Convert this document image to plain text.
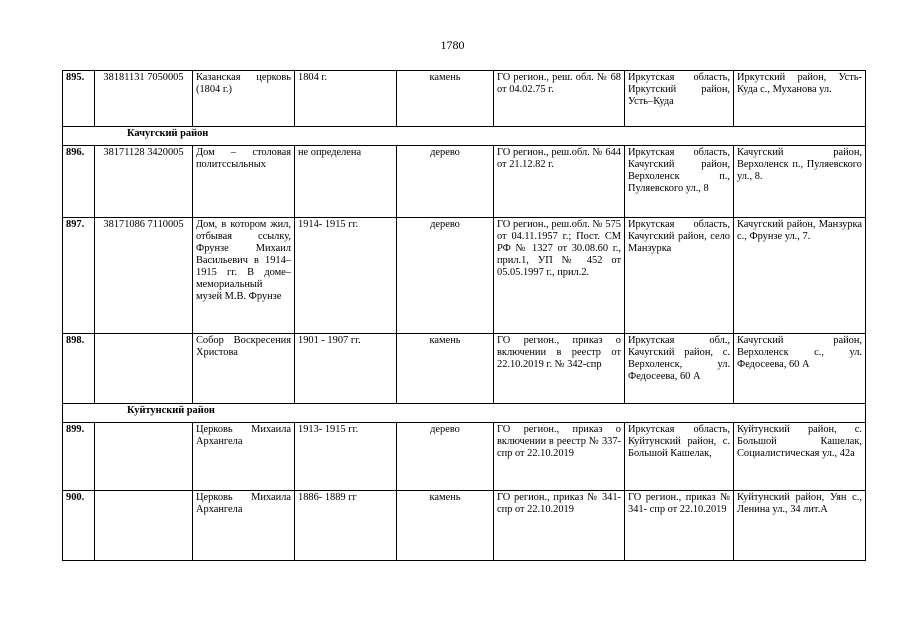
1780
895.	38181131 7050005	Казанская церковь (1804 г.)	1804 г.	камень	ГО регион., реш. обл. № 68 от 04.02.75 г.	Иркутская область, Иркутский район, Усть–Куда	Иркутский район, Усть-Куда с., Муханова ул.
Качугский район							
896.	38171128 3420005	Дом – столовая политссыльных	не определена	дерево	ГО регион., реш.обл. № 644 от 21.12.82 г.	Иркутская область, Качугский район, Верхоленск п., Пуляевского ул., 8	Качугский район, Верхоленск п., Пуляевского ул., 8.
897.	38171086 7110005	Дом, в котором жил, отбывая ссылку, Фрунзе Михаил Васильевич в 1914–1915 гг. В доме– мемориальный музей М.В. Фрунзе	1914- 1915 гг.	дерево	ГО регион., реш.обл. № 575 от 04.11.1957 г.; Пост. СМ РФ № 1327 от 30.08.60 г., прил.1, УП № 452 от 05.05.1997 г., прил.2.	Иркутская область, Качугский район, село Манзурка	Качугский район, Манзурка с., Фрунзе ул., 7.
898.		Собор Воскресения Христова	1901 - 1907 гг.	камень	ГО регион., приказ о включении в реестр от 22.10.2019 г. № 342-спр	Иркутская обл., Качугский район, с. Верхоленск, ул. Федосеева, 60 А	Качугский район, Верхоленск с., ул. Федосеева, 60 А
Куйтунский район							
899.		Церковь Михаила Архангела	1913- 1915 гг.	дерево	ГО регион., приказ о включении в реестр № 337- спр от 22.10.2019	Иркутская область, Куйтунский район, с. Большой Кашелак,	Куйтунский район, с. Большой Кашелак, Социалистическая ул., 42а
900.		Церковь Михаила Архангела	1886- 1889 гг	камень	ГО регион., приказ № 341- спр от 22.10.2019	ГО регион., приказ № 341- спр от 22.10.2019	Куйтунский район, Уян с., Ленина ул., 34 лит.А
